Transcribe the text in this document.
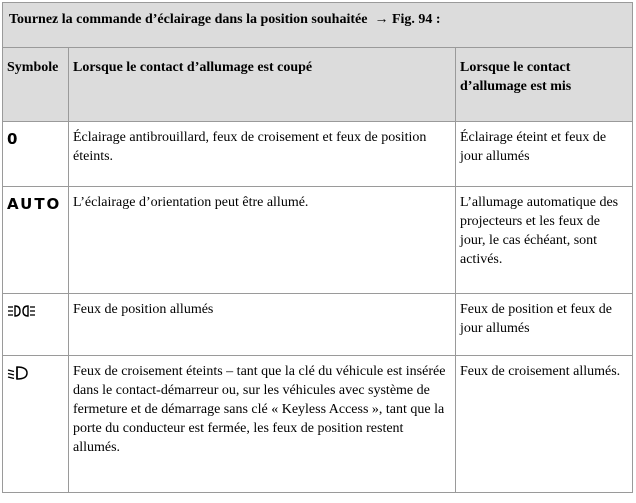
Tournez la commande d’éclairage dans la position souhaitée → Fig. 94 :		
Symbole	Lorsque le contact d’allumage est coupé	Lorsque le contact d’allumage est mis
0	Éclairage antibrouillard, feux de croisement et feux de position éteints.	Éclairage éteint et feux de jour allumés
AUTO	L’éclairage d’orientation peut être allumé.	L’allumage automatique des projecteurs et les feux de jour, le cas échéant, sont activés.

	Feux de position allumés	Feux de position et feux de jour allumés

	Feux de croisement éteints – tant que la clé du véhicule est insérée dans le contact-démarreur ou, sur les véhicules avec système de fermeture et de démarrage sans clé « Keyless Access », tant que la porte du conducteur est fermée, les feux de position restent allumés.	Feux de croisement allumés.
